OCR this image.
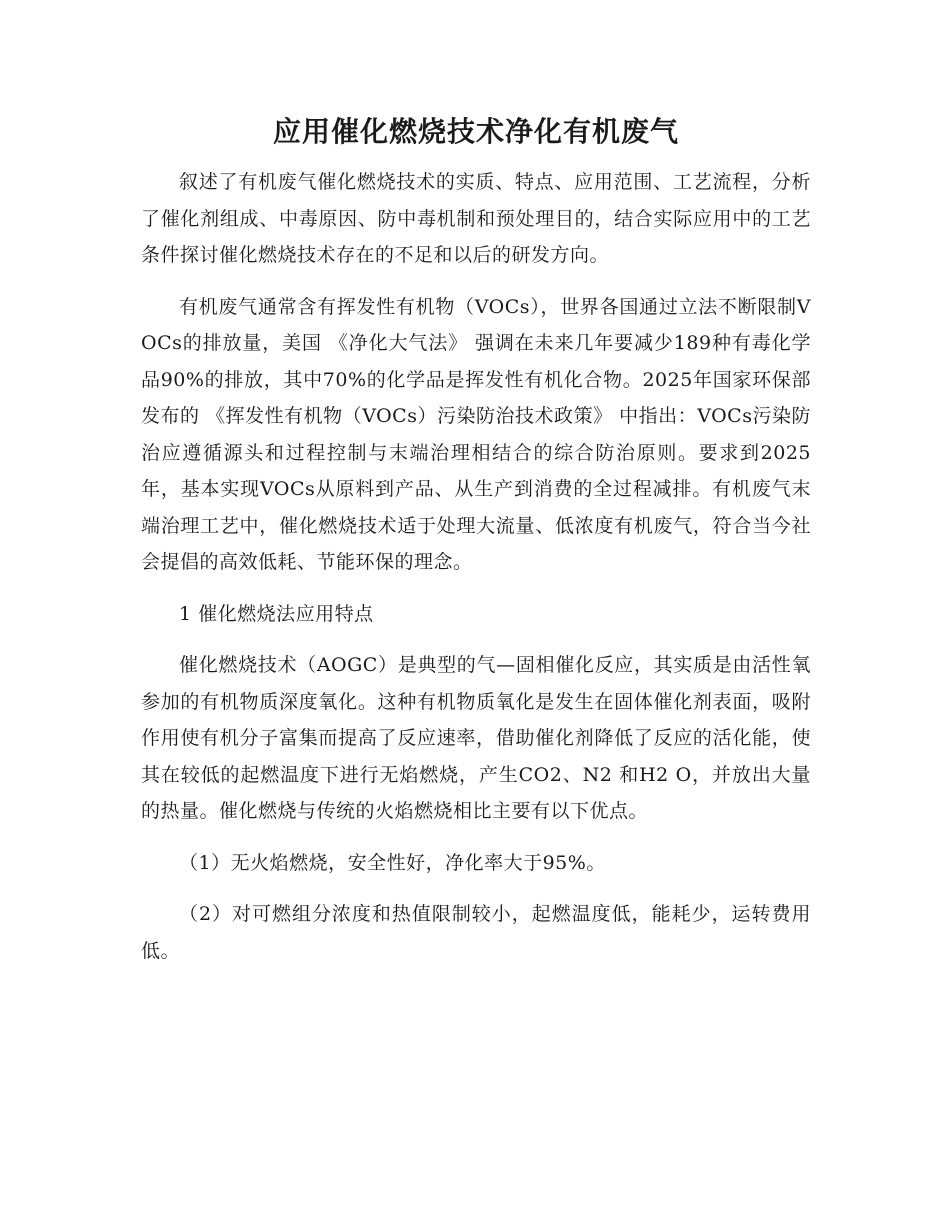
应用催化燃烧技术净化有机废气

叙述了有机废气催化燃烧技术的实质、特点、应用范围、工艺流程，分析了催化剂组成、中毒原因、防中毒机制和预处理目的，结合实际应用中的工艺条件探讨催化燃烧技术存在的不足和以后的研发方向。

有机废气通常含有挥发性有机物（VOCs），世界各国通过立法不断限制VOCs的排放量，美国 《净化大气法》 强调在未来几年要减少189种有毒化学品90%的排放，其中70%的化学品是挥发性有机化合物。2025年国家环保部发布的 《挥发性有机物（VOCs）污染防治技术政策》 中指出：VOCs污染防治应遵循源头和过程控制与末端治理相结合的综合防治原则。要求到2025年，基本实现VOCs从原料到产品、从生产到消费的全过程减排。有机废气末端治理工艺中，催化燃烧技术适于处理大流量、低浓度有机废气，符合当今社会提倡的高效低耗、节能环保的理念。

1 催化燃烧法应用特点

催化燃烧技术（AOGC）是典型的气—固相催化反应，其实质是由活性氧参加的有机物质深度氧化。这种有机物质氧化是发生在固体催化剂表面，吸附作用使有机分子富集而提高了反应速率，借助催化剂降低了反应的活化能，使其在较低的起燃温度下进行无焰燃烧，产生CO2、N2 和H2 O，并放出大量的热量。催化燃烧与传统的火焰燃烧相比主要有以下优点。

（1）无火焰燃烧，安全性好，净化率大于95%。

（2）对可燃组分浓度和热值限制较小，起燃温度低，能耗少，运转费用低。
